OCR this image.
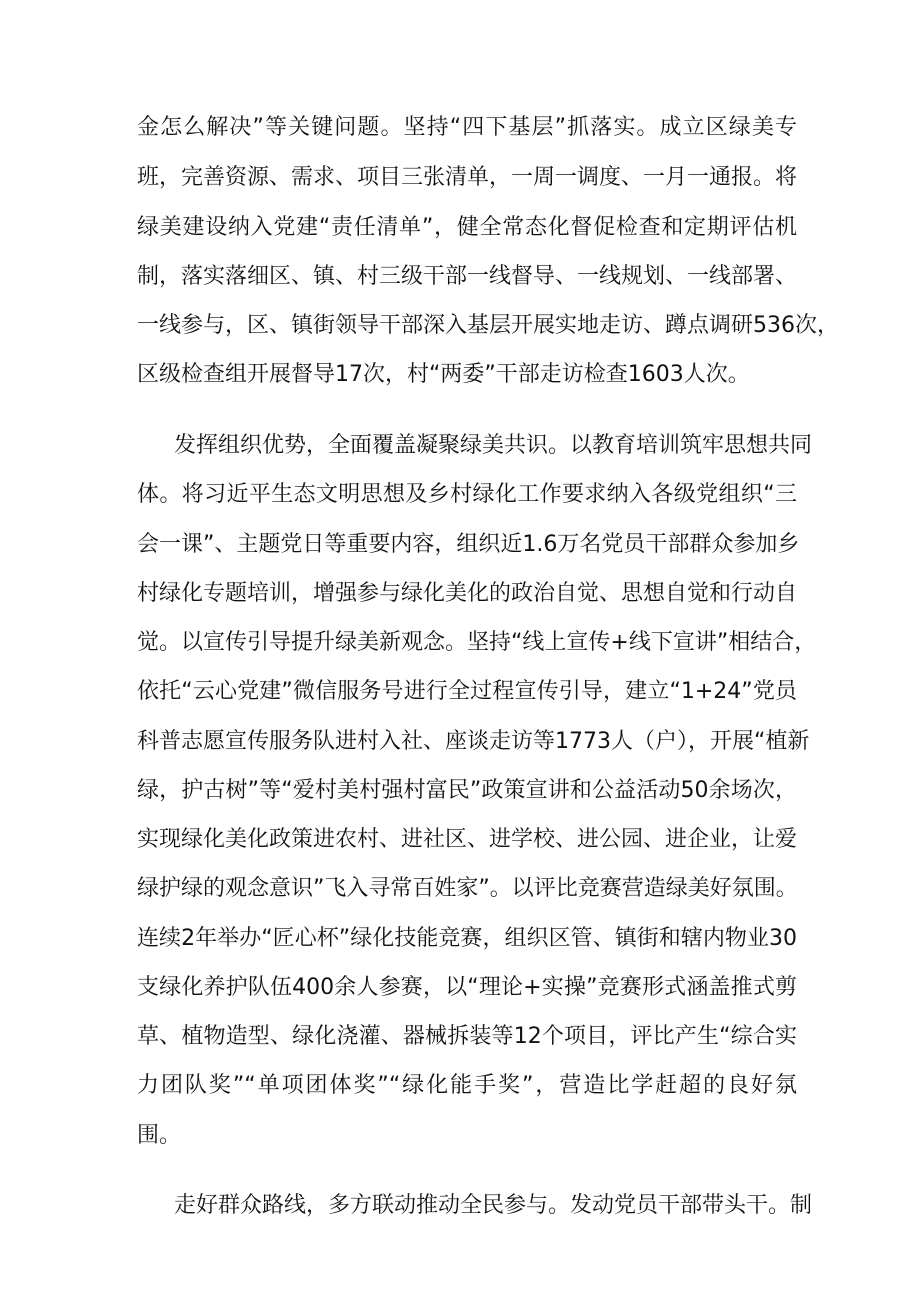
金怎么解决”等关键问题。坚持“四下基层”抓落实。成立区绿美专
班，完善资源、需求、项目三张清单，一周一调度、一月一通报。将
绿美建设纳入党建“责任清单”，健全常态化督促检查和定期评估机
制，落实落细区、镇、村三级干部一线督导、一线规划、一线部署、
一线参与，区、镇街领导干部深入基层开展实地走访、蹲点调研536次，
区级检查组开展督导17次，村“两委”干部走访检查1603人次。
发挥组织优势，全面覆盖凝聚绿美共识。以教育培训筑牢思想共同
体。将习近平生态文明思想及乡村绿化工作要求纳入各级党组织“三
会一课”、主题党日等重要内容，组织近1.6万名党员干部群众参加乡
村绿化专题培训，增强参与绿化美化的政治自觉、思想自觉和行动自
觉。以宣传引导提升绿美新观念。坚持“线上宣传+线下宣讲”相结合，
依托“云心党建”微信服务号进行全过程宣传引导，建立“1+24”党员
科普志愿宣传服务队进村入社、座谈走访等1773人（户），开展“植新
绿，护古树”等“爱村美村强村富民”政策宣讲和公益活动50余场次，
实现绿化美化政策进农村、进社区、进学校、进公园、进企业，让爱
绿护绿的观念意识”飞入寻常百姓家”。以评比竞赛营造绿美好氛围。
连续2年举办“匠心杯”绿化技能竞赛，组织区管、镇街和辖内物业30
支绿化养护队伍400余人参赛，以“理论+实操”竞赛形式涵盖推式剪
草、植物造型、绿化浇灌、器械拆装等12个项目，评比产生“综合实
力团队奖”“单项团体奖”“绿化能手奖”，营造比学赶超的良好氛
围。
走好群众路线，多方联动推动全民参与。发动党员干部带头干。制
